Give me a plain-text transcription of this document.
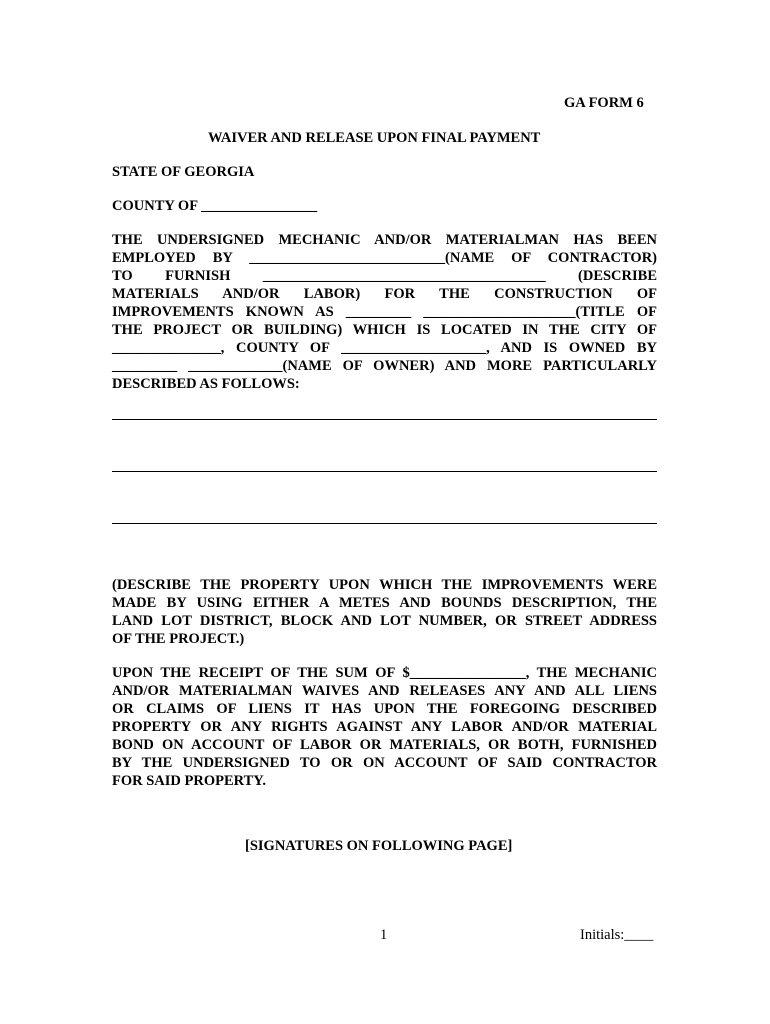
GA FORM 6
WAIVER AND RELEASE UPON FINAL PAYMENT
STATE OF GEORGIA
COUNTY OF ________________
THE UNDERSIGNED MECHANIC AND/OR MATERIALMAN HAS BEEN
EMPLOYED BY ___________________________(NAME OF CONTRACTOR)
TO FURNISH _______________________________________ (DESCRIBE
MATERIALS AND/OR LABOR) FOR THE CONSTRUCTION OF
IMPROVEMENTS KNOWN AS _________ _____________________(TITLE OF
THE PROJECT OR BUILDING) WHICH IS LOCATED IN THE CITY OF
_______________, COUNTY OF ____________________, AND IS OWNED BY
_________ _____________(NAME OF OWNER) AND MORE PARTICULARLY
DESCRIBED AS FOLLOWS:
(DESCRIBE THE PROPERTY UPON WHICH THE IMPROVEMENTS WERE
MADE BY USING EITHER A METES AND BOUNDS DESCRIPTION, THE
LAND LOT DISTRICT, BLOCK AND LOT NUMBER, OR STREET ADDRESS
OF THE PROJECT.)
UPON THE RECEIPT OF THE SUM OF $________________, THE MECHANIC
AND/OR MATERIALMAN WAIVES AND RELEASES ANY AND ALL LIENS
OR CLAIMS OF LIENS IT HAS UPON THE FOREGOING DESCRIBED
PROPERTY OR ANY RIGHTS AGAINST ANY LABOR AND/OR MATERIAL
BOND ON ACCOUNT OF LABOR OR MATERIALS, OR BOTH, FURNISHED
BY THE UNDERSIGNED TO OR ON ACCOUNT OF SAID CONTRACTOR
FOR SAID PROPERTY.
[SIGNATURES ON FOLLOWING PAGE]
1	Initials:____
